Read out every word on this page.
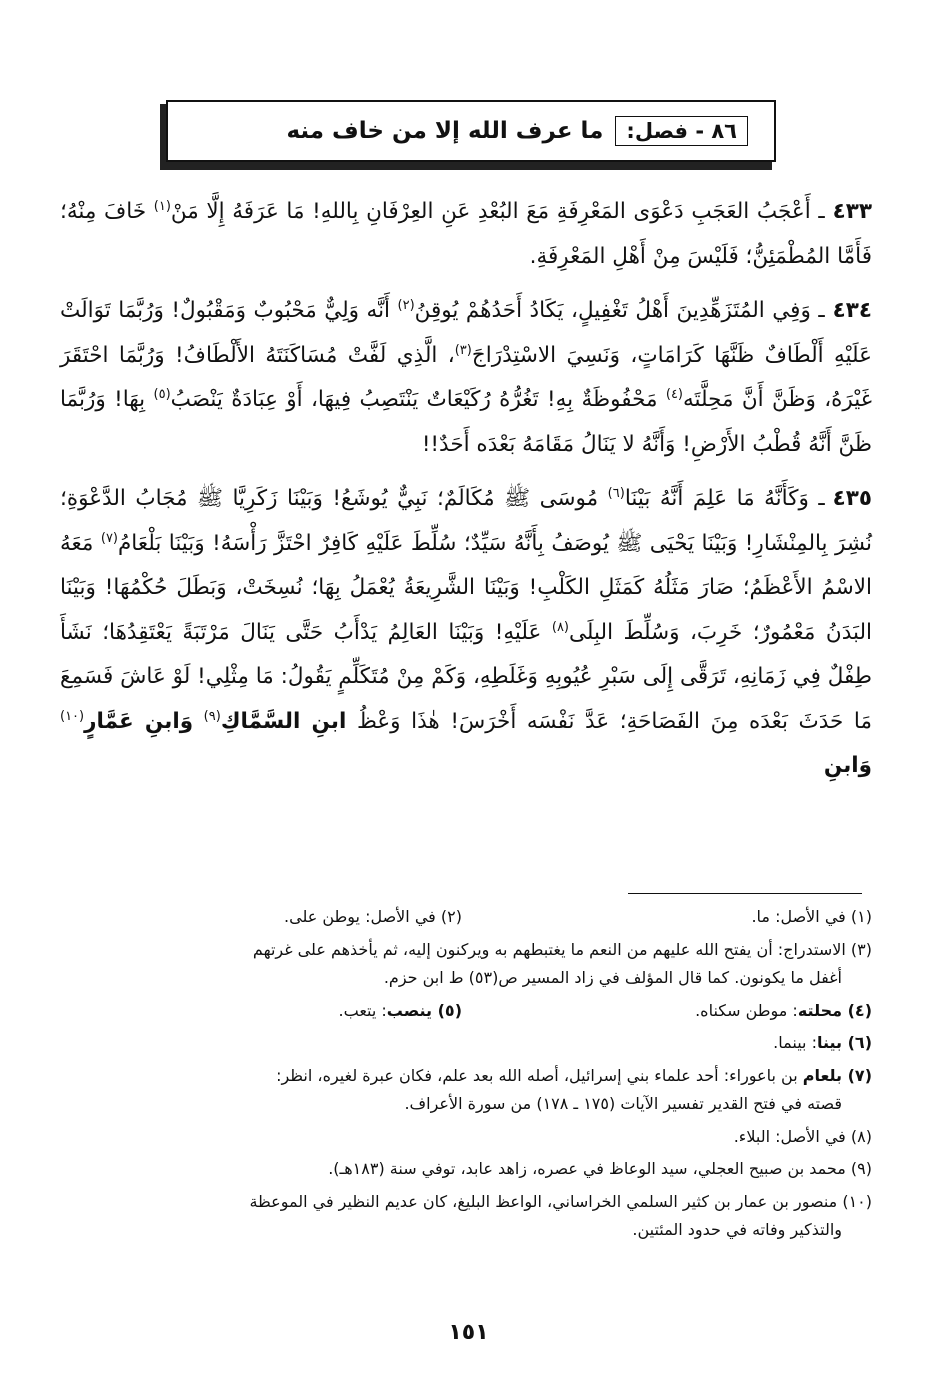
٨٦ - فصل:
ما عرف الله إلا من خاف منه

٤٣٣ـ أَعْجَبُ العَجَبِ دَعْوَى المَعْرِفَةِ مَعَ البُعْدِ عَنِ العِرْفَانِ بِاللهِ! مَا عَرَفَهُ إِلَّا مَنْ$^{(١)}$ خَافَ مِنْهُ؛ فَأَمَّا المُطْمَئِنُّ؛ فَلَيْسَ مِنْ أَهْلِ المَعْرِفَةِ.

٤٣٤ـ وَفِي المُتَزَهِّدِينَ أَهْلُ تَغْفِيلٍ، يَكَادُ أَحَدُهُمْ يُوقِنُ$^{(٢)}$ أَنَّه وَلِيٌّ مَحْبُوبٌ وَمَقْبُولٌ! وَرُبَّمَا تَوَالَتْ عَلَيْهِ أَلْطَافٌ ظَنَّهَا كَرَامَاتٍ، وَنَسِيَ الاسْتِدْرَاجَ$^{(٣)}$، الَّذِي لَفَّتْ مُسَاكَنَتَهُ الأَلْطَافُ! وَرُبَّمَا احْتَقَرَ غَيْرَهُ، وَظَنَّ أَنَّ مَحِلَّتَه$^{(٤)}$ مَحْفُوظَةٌ بِهِ! تَغُرُّهُ رُكَيْعَاتٌ يَنْتَصِبُ فِيهَا، أَوْ عِبَادَةٌ يَنْصَبُ$^{(٥)}$ بِهَا! وَرُبَّمَا ظَنَّ أَنَّهُ قُطْبُ الأَرْضِ! وَأَنَّهُ لا يَنَالُ مَقَامَهُ بَعْدَه أَحَدٌ!!

٤٣٥ـ وَكَأَنَّهُ مَا عَلِمَ أَنَّهُ بَيْنَا$^{(٦)}$ مُوسَى ﷺ مُكَالَمٌ؛ نَبِيٌّ يُوشَعُ! وَبَيْنَا زَكَرِيَّا ﷺ مُجَابُ الدَّعْوَةِ؛ نُشِرَ بِالمِنْشَارِ! وَبَيْنَا يَحْيَى ﷺ يُوصَفُ بِأَنَّهُ سَيِّدٌ؛ سُلِّطَ عَلَيْهِ كَافِرٌ احْتَزَّ رَأْسَهُ! وَبَيْنَا بَلْعَامُ$^{(٧)}$ مَعَهُ الاسْمُ الأَعْظَمُ؛ صَارَ مَثَلُهُ كَمَثَلِ الكَلْبِ! وَبَيْنَا الشَّرِيعَةُ يُعْمَلُ بِهَا؛ نُسِخَتْ، وَبَطَلَ حُكْمُهَا! وَبَيْنَا البَدَنُ مَعْمُورٌ؛ خَرِبَ، وَسُلِّطَ البِلَى$^{(٨)}$ عَلَيْهِ! وَبَيْنَا العَالِمُ يَدْأَبُ حَتَّى يَنَالَ مَرْتَبَةً يَعْتَقِدُهَا؛ نَشَأَ طِفْلٌ فِي زَمَانِهِ، تَرَقَّى إِلَى سَبْرِ عُيُوبِهِ وَغَلَطِهِ، وَكَمْ مِنْ مُتَكَلِّمٍ يَقُولُ: مَا مِثْلِي! لَوْ عَاشَ فَسَمِعَ مَا حَدَثَ بَعْدَه مِنَ الفَصَاحَةِ؛ عَدَّ نَفْسَه أَخْرَسَ! هٰذَا وَعْظُ ابنِ السَّمَّاكِ$^{(٩)}$ وَابنِ عَمَّارٍ$^{(١٠)}$ وَابنِ

(١) في الأصل: ما.
(٢) في الأصل: يوطن على.
(٣) الاستدراج: أن يفتح الله عليهم من النعم ما يغتبطهم به ويركنون إليه، ثم يأخذهم على غرتهم
أغفل ما يكونون. كما قال المؤلف في زاد المسير ص(٥٣) ط ابن حزم.
(٤) محلته: موطن سكناه.
(٥) ينصب: يتعب.
(٦) بينا: بينما.
(٧) بلعام بن باعوراء: أحد علماء بني إسرائيل، أصله الله بعد علم، فكان عبرة لغيره، انظر:
قصته في فتح القدير تفسير الآيات (١٧٥ ـ ١٧٨) من سورة الأعراف.
(٨) في الأصل: البلاء.
(٩) محمد بن صبيح العجلي، سيد الوعاظ في عصره، زاهد عابد، توفي سنة (١٨٣هـ).
(١٠) منصور بن عمار بن كثير السلمي الخراساني، الواعظ البليغ، كان عديم النظير في الموعظة
والتذكير وفاته في حدود المئتين.
١٥١
